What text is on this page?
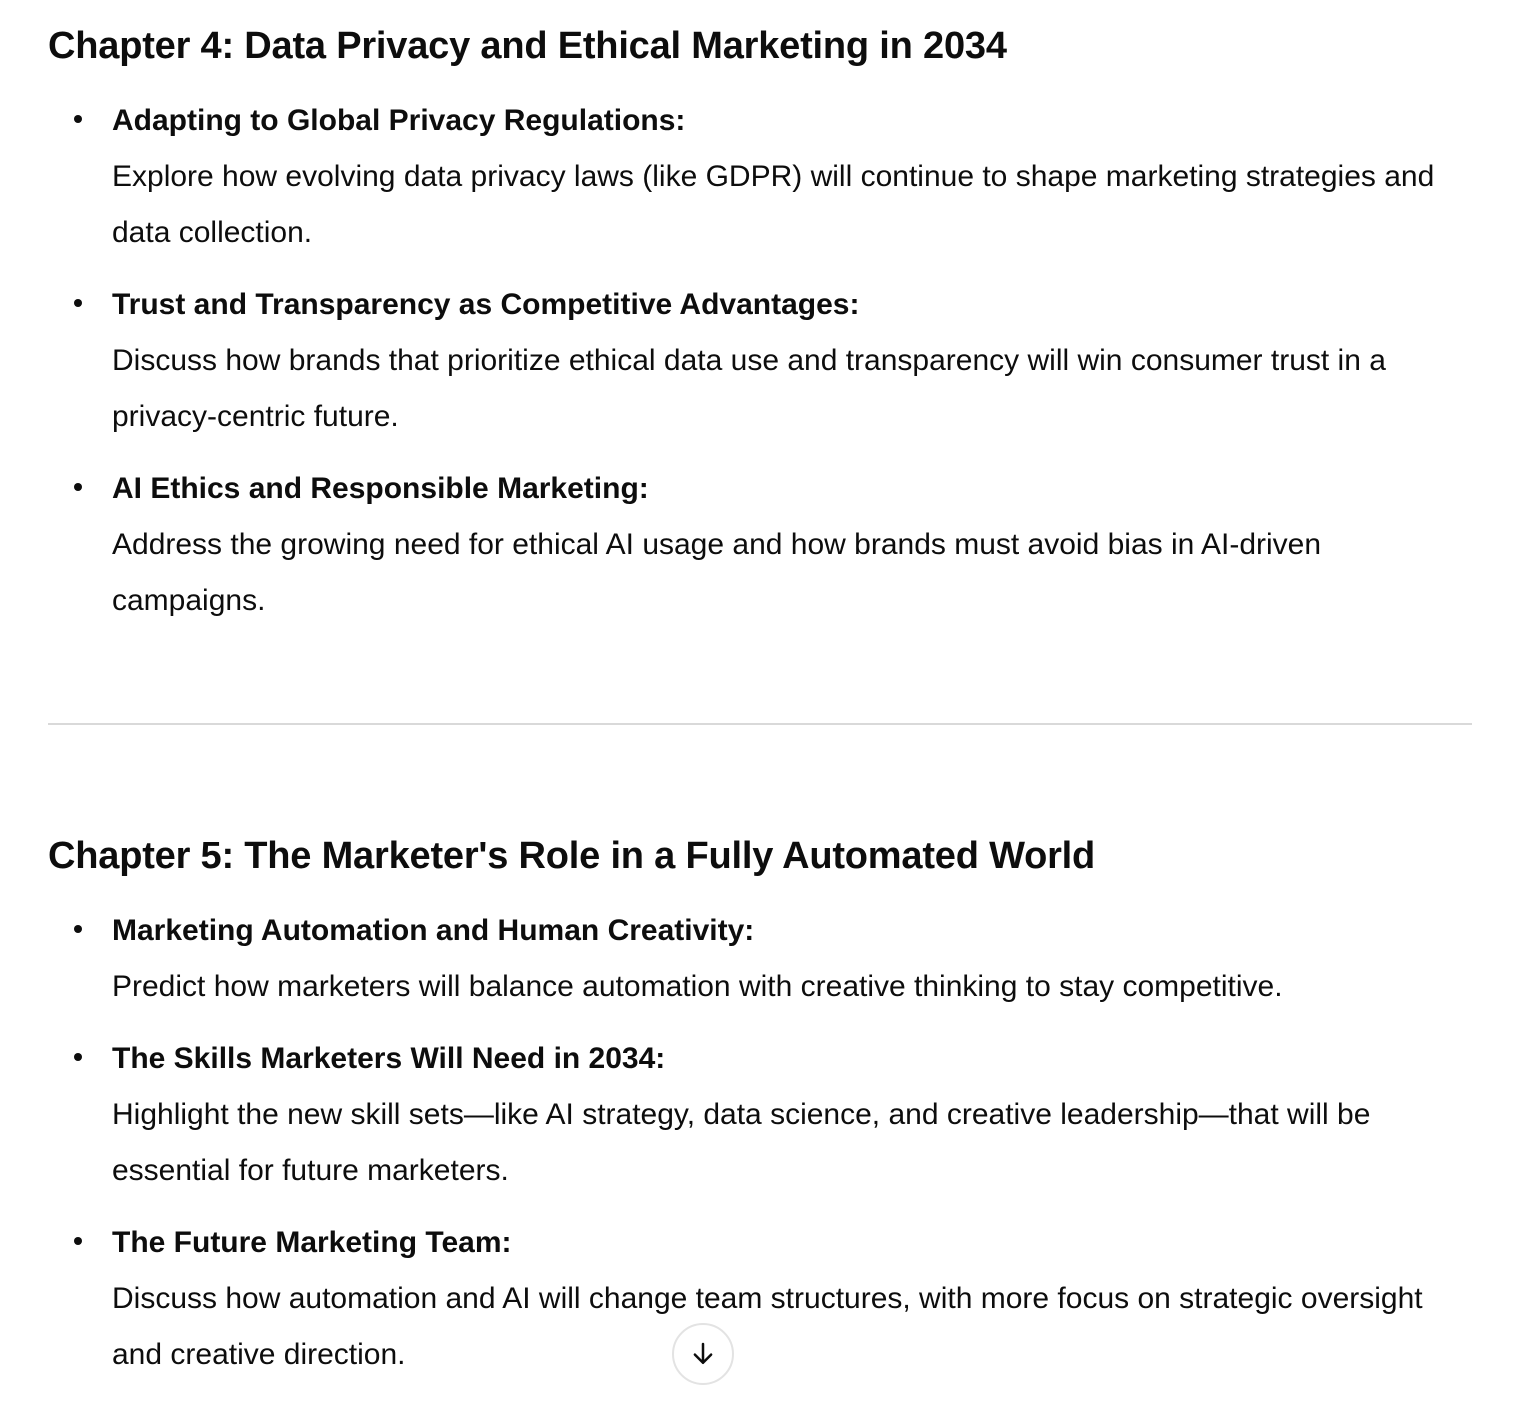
Chapter 4: Data Privacy and Ethical Marketing in 2034
Adapting to Global Privacy Regulations:
Explore how evolving data privacy laws (like GDPR) will continue to shape marketing strategies and data collection.
Trust and Transparency as Competitive Advantages:
Discuss how brands that prioritize ethical data use and transparency will win consumer trust in a privacy-centric future.
AI Ethics and Responsible Marketing:
Address the growing need for ethical AI usage and how brands must avoid bias in AI-driven campaigns.
Chapter 5: The Marketer's Role in a Fully Automated World
Marketing Automation and Human Creativity:
Predict how marketers will balance automation with creative thinking to stay competitive.
The Skills Marketers Will Need in 2034:
Highlight the new skill sets—like AI strategy, data science, and creative leadership—that will be essential for future marketers.
The Future Marketing Team:
Discuss how automation and AI will change team structures, with more focus on strategic oversight and creative direction.
